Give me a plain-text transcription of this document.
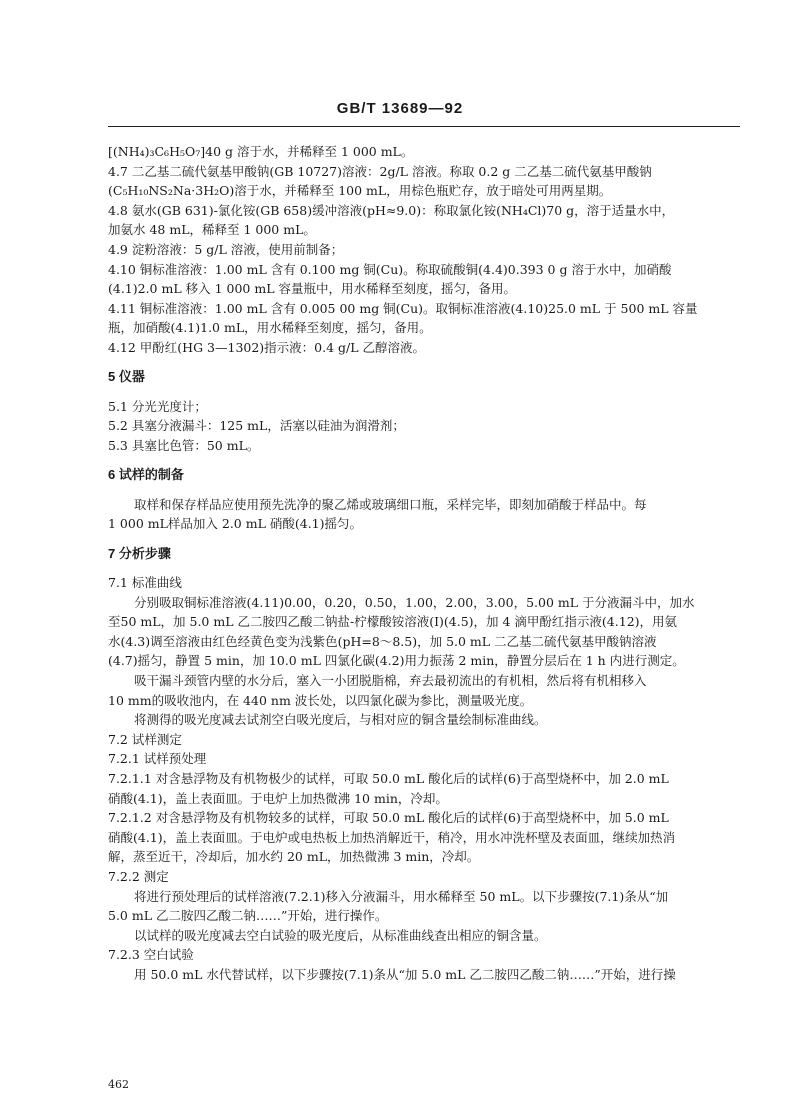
GB/T 13689—92
[(NH₄)₃C₆H₅O₇]40 g 溶于水，并稀释至 1 000 mL。
4.7 二乙基二硫代氨基甲酸钠(GB 10727)溶液：2g/L 溶液。称取 0.2 g 二乙基二硫代氨基甲酸钠
(C₅H₁₀NS₂Na·3H₂O)溶于水，并稀释至 100 mL，用棕色瓶贮存，放于暗处可用两星期。
4.8 氨水(GB 631)-氯化铵(GB 658)缓冲溶液(pH≈9.0)：称取氯化铵(NH₄Cl)70 g，溶于适量水中，
加氨水 48 mL，稀释至 1 000 mL。
4.9 淀粉溶液：5 g/L 溶液，使用前制备；
4.10 铜标准溶液：1.00 mL 含有 0.100 mg 铜(Cu)。称取硫酸铜(4.4)0.393 0 g 溶于水中，加硝酸
(4.1)2.0 mL 移入 1 000 mL 容量瓶中，用水稀释至刻度，摇匀，备用。
4.11 铜标准溶液：1.00 mL 含有 0.005 00 mg 铜(Cu)。取铜标准溶液(4.10)25.0 mL 于 500 mL 容量
瓶，加硝酸(4.1)1.0 mL，用水稀释至刻度，摇匀，备用。
4.12 甲酚红(HG 3—1302)指示液：0.4 g/L 乙醇溶液。
5 仪器
5.1 分光光度计；
5.2 具塞分液漏斗：125 mL，活塞以硅油为润滑剂；
5.3 具塞比色管：50 mL。
6 试样的制备
取样和保存样品应使用预先洗净的聚乙烯或玻璃细口瓶，采样完毕，即刻加硝酸于样品中。每
1 000 mL样品加入 2.0 mL 硝酸(4.1)摇匀。
7 分析步骤
7.1 标准曲线
分别吸取铜标准溶液(4.11)0.00，0.20，0.50，1.00，2.00，3.00，5.00 mL 于分液漏斗中，加水
至50 mL，加 5.0 mL 乙二胺四乙酸二钠盐-柠檬酸铵溶液(Ⅰ)(4.5)，加 4 滴甲酚红指示液(4.12)，用氨
水(4.3)调至溶液由红色经黄色变为浅紫色(pH=8～8.5)，加 5.0 mL 二乙基二硫代氨基甲酸钠溶液
(4.7)摇匀，静置 5 min，加 10.0 mL 四氯化碳(4.2)用力振荡 2 min，静置分层后在 1 h 内进行测定。
吸干漏斗颈管内壁的水分后，塞入一小团脱脂棉，弃去最初流出的有机相，然后将有机相移入
10 mm的吸收池内，在 440 nm 波长处，以四氯化碳为参比，测量吸光度。
将测得的吸光度减去试剂空白吸光度后，与相对应的铜含量绘制标准曲线。
7.2 试样测定
7.2.1 试样预处理
7.2.1.1 对含悬浮物及有机物极少的试样，可取 50.0 mL 酸化后的试样(6)于高型烧杯中，加 2.0 mL
硝酸(4.1)，盖上表面皿。于电炉上加热微沸 10 min，冷却。
7.2.1.2 对含悬浮物及有机物较多的试样，可取 50.0 mL 酸化后的试样(6)于高型烧杯中，加 5.0 mL
硝酸(4.1)，盖上表面皿。于电炉或电热板上加热消解近干，稍冷，用水冲洗杯壁及表面皿，继续加热消
解，蒸至近干，冷却后，加水约 20 mL，加热微沸 3 min，冷却。
7.2.2 测定
将进行预处理后的试样溶液(7.2.1)移入分液漏斗，用水稀释至 50 mL。以下步骤按(7.1)条从“加
5.0 mL 乙二胺四乙酸二钠……”开始，进行操作。
以试样的吸光度减去空白试验的吸光度后，从标准曲线查出相应的铜含量。
7.2.3 空白试验
用 50.0 mL 水代替试样，以下步骤按(7.1)条从“加 5.0 mL 乙二胺四乙酸二钠……”开始，进行操
462
